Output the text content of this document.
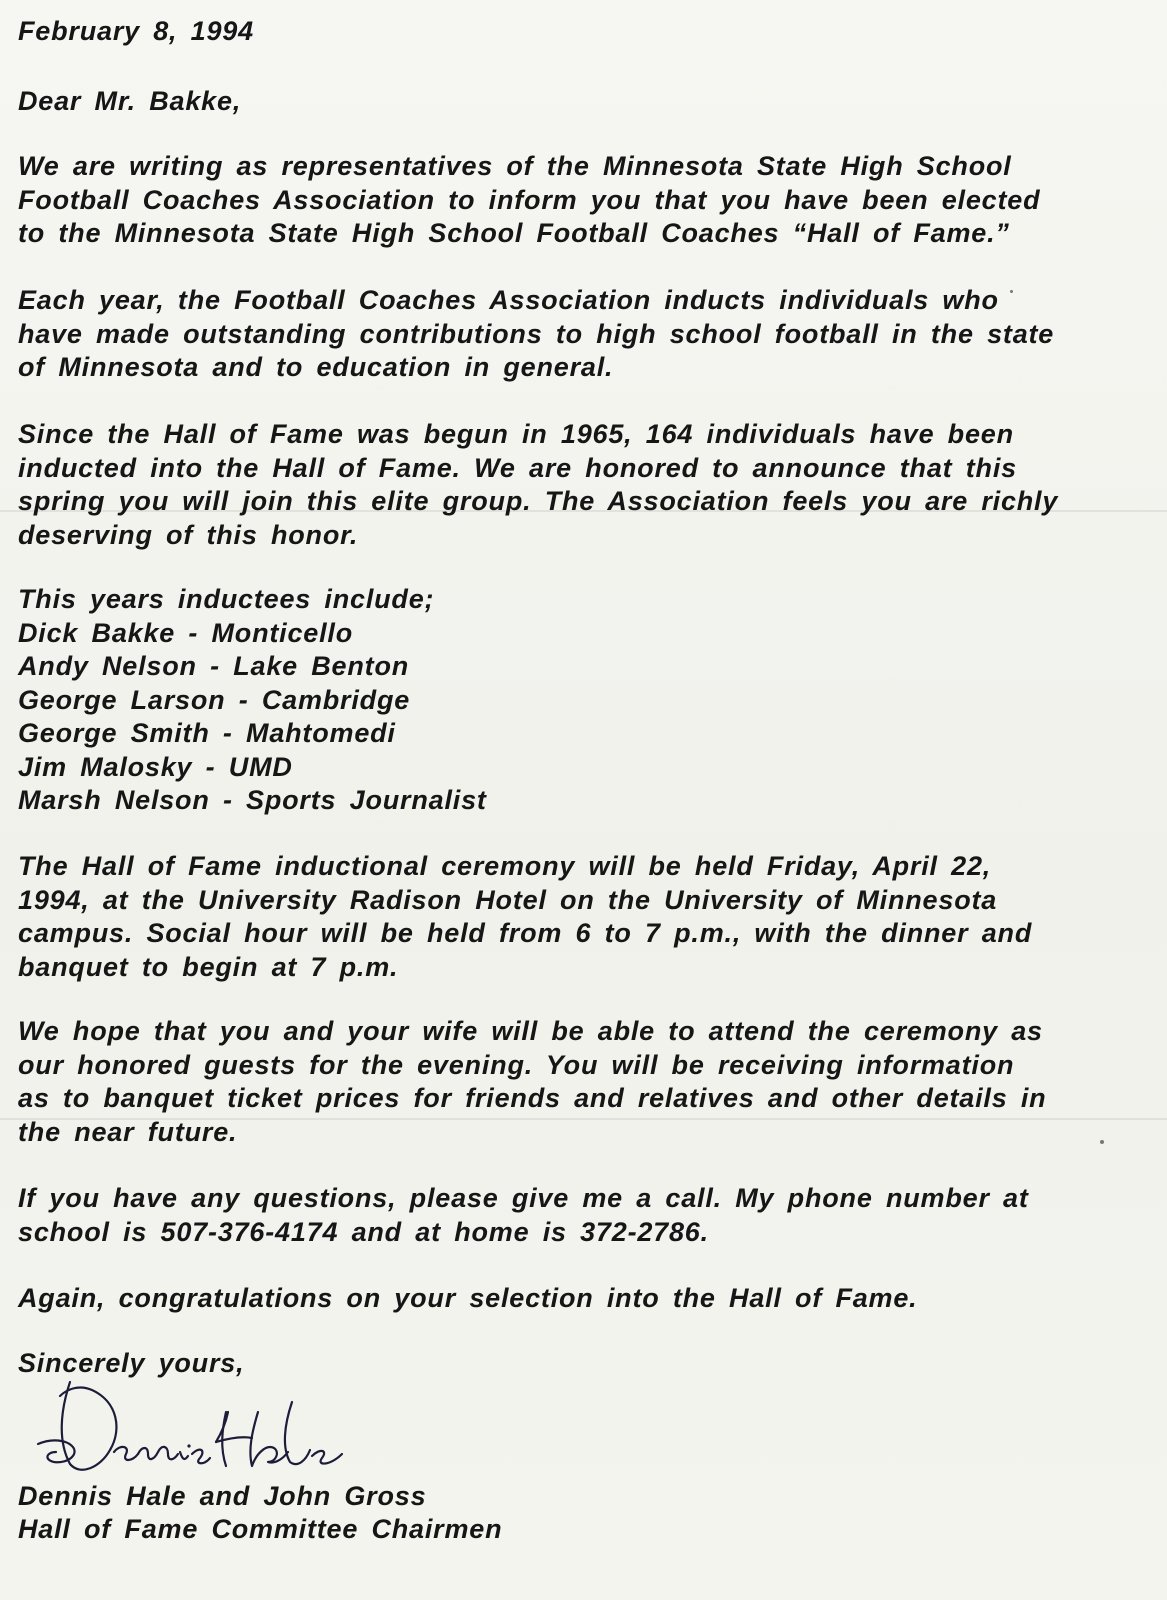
February 8, 1994

Dear Mr. Bakke,

We are writing as representatives of the Minnesota State High School
Football Coaches Association to inform you that you have been elected
to the Minnesota State High School Football Coaches “Hall of Fame.”

Each year, the Football Coaches Association inducts individuals who
have made outstanding contributions to high school football in the state
of Minnesota and to education in general.

Since the Hall of Fame was begun in 1965, 164 individuals have been
inducted into the Hall of Fame. We are honored to announce that this
spring you will join this elite group. The Association feels you are richly
deserving of this honor.

This years inductees include;
Dick Bakke - Monticello
Andy Nelson - Lake Benton
George Larson - Cambridge
George Smith - Mahtomedi
Jim Malosky - UMD
Marsh Nelson - Sports Journalist

The Hall of Fame inductional ceremony will be held Friday, April 22,
1994, at the University Radison Hotel on the University of Minnesota
campus. Social hour will be held from 6 to 7 p.m., with the dinner and
banquet to begin at 7 p.m.

We hope that you and your wife will be able to attend the ceremony as
our honored guests for the evening. You will be receiving information
as to banquet ticket prices for friends and relatives and other details in
the near future.

If you have any questions, please give me a call. My phone number at
school is 507-376-4174 and at home is 372-2786.

Again, congratulations on your selection into the Hall of Fame.

Sincerely yours,

Dennis Hale and John Gross

Hall of Fame Committee Chairmen
